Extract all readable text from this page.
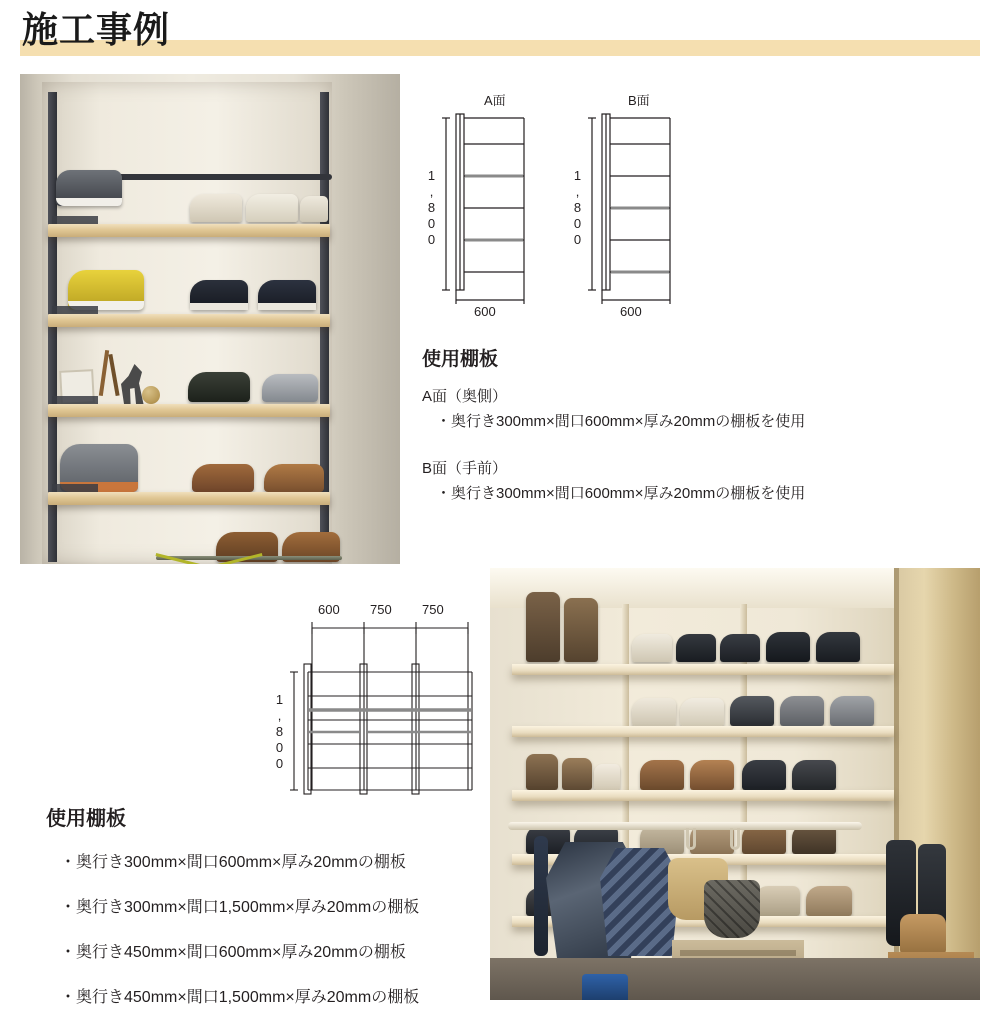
施工事例
A面	B面
1,800	1,800
600	600
使用棚板
A面（奥側）
・奥行き300mm×間口600mm×厚み20mmの棚板を使用
B面（手前）
・奥行き300mm×間口600mm×厚み20mmの棚板を使用
600 750 750
1,800
使用棚板
・奥行き300mm×間口600mm×厚み20mmの棚板
・奥行き300mm×間口1,500mm×厚み20mmの棚板
・奥行き450mm×間口600mm×厚み20mmの棚板
・奥行き450mm×間口1,500mm×厚み20mmの棚板
